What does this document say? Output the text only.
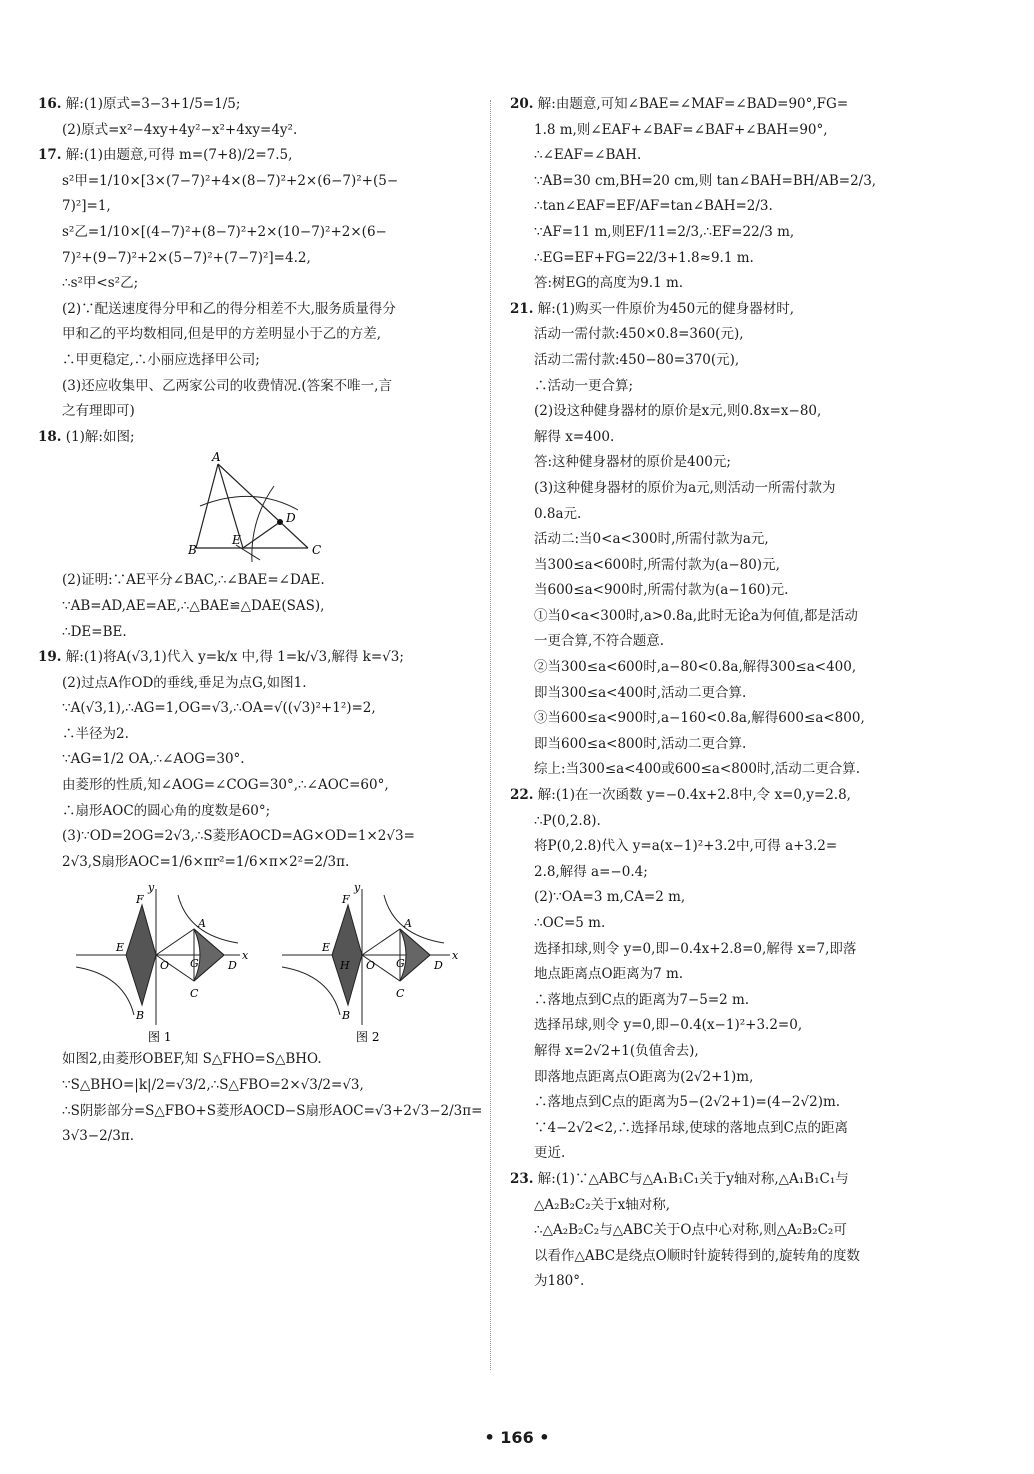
16. 解:(1)原式=3−3+1/5=1/5;
(2)原式=x²−4xy+4y²−x²+4xy=4y².
17. 解:(1)由题意,可得 m=(7+8)/2=7.5,
s²甲=1/10×[3×(7−7)²+4×(8−7)²+2×(6−7)²+(5−
7)²]=1,
s²乙=1/10×[(4−7)²+(8−7)²+2×(10−7)²+2×(6−
7)²+(9−7)²+2×(5−7)²+(7−7)²]=4.2,
∴s²甲<s²乙;
(2)∵配送速度得分甲和乙的得分相差不大,服务质量得分
甲和乙的平均数相同,但是甲的方差明显小于乙的方差,
∴甲更稳定,∴小丽应选择甲公司;
(3)还应收集甲、乙两家公司的收费情况.(答案不唯一,言
之有理即可)
18. (1)解:如图;
A
B	C
D
E
(2)证明:∵AE平分∠BAC,∴∠BAE=∠DAE.
∵AB=AD,AE=AE,∴△BAE≌△DAE(SAS),
∴DE=BE.
19. 解:(1)将A(√3,1)代入 y=k/x 中,得 1=k/√3,解得 k=√3;
(2)过点A作OD的垂线,垂足为点G,如图1.
∵A(√3,1),∴AG=1,OG=√3,∴OA=√((√3)²+1²)=2,
∴半径为2.
∵AG=1/2 OA,∴∠AOG=30°.
由菱形的性质,知∠AOG=∠COG=30°,∴∠AOC=60°,
∴扇形AOC的圆心角的度数是60°;
(3)∵OD=2OG=2√3,∴S菱形AOCD=AG×OD=1×2√3=
2√3,S扇形AOC=1/6×πr²=1/6×π×2²=2/3π.
x
y
F
E
O
B
A
G	D
C
图 1
x
y
F
E
H O
B
A
G	D
C
图 2
如图2,由菱形OBEF,知 S△FHO=S△BHO.
∵S△BHO=|k|/2=√3/2,∴S△FBO=2×√3/2=√3,
∴S阴影部分=S△FBO+S菱形AOCD−S扇形AOC=√3+2√3−2/3π=
3√3−2/3π.
20. 解:由题意,可知∠BAE=∠MAF=∠BAD=90°,FG=
1.8 m,则∠EAF+∠BAF=∠BAF+∠BAH=90°,
∴∠EAF=∠BAH.
∵AB=30 cm,BH=20 cm,则 tan∠BAH=BH/AB=2/3,
∴tan∠EAF=EF/AF=tan∠BAH=2/3.
∵AF=11 m,则EF/11=2/3,∴EF=22/3 m,
∴EG=EF+FG=22/3+1.8≈9.1 m.
答:树EG的高度为9.1 m.
21. 解:(1)购买一件原价为450元的健身器材时,
活动一需付款:450×0.8=360(元),
活动二需付款:450−80=370(元),
∴活动一更合算;
(2)设这种健身器材的原价是x元,则0.8x=x−80,
解得 x=400.
答:这种健身器材的原价是400元;
(3)这种健身器材的原价为a元,则活动一所需付款为
0.8a元.
活动二:当0<a<300时,所需付款为a元,
当300≤a<600时,所需付款为(a−80)元,
当600≤a<900时,所需付款为(a−160)元.
①当0<a<300时,a>0.8a,此时无论a为何值,都是活动
一更合算,不符合题意.
②当300≤a<600时,a−80<0.8a,解得300≤a<400,
即当300≤a<400时,活动二更合算.
③当600≤a<900时,a−160<0.8a,解得600≤a<800,
即当600≤a<800时,活动二更合算.
综上:当300≤a<400或600≤a<800时,活动二更合算.
22. 解:(1)在一次函数 y=−0.4x+2.8中,令 x=0,y=2.8,
∴P(0,2.8).
将P(0,2.8)代入 y=a(x−1)²+3.2中,可得 a+3.2=
2.8,解得 a=−0.4;
(2)∵OA=3 m,CA=2 m,
∴OC=5 m.
选择扣球,则令 y=0,即−0.4x+2.8=0,解得 x=7,即落
地点距离点O距离为7 m.
∴落地点到C点的距离为7−5=2 m.
选择吊球,则令 y=0,即−0.4(x−1)²+3.2=0,
解得 x=2√2+1(负值舍去),
即落地点距离点O距离为(2√2+1)m,
∴落地点到C点的距离为5−(2√2+1)=(4−2√2)m.
∵4−2√2<2,∴选择吊球,使球的落地点到C点的距离
更近.
23. 解:(1)∵△ABC与△A₁B₁C₁关于y轴对称,△A₁B₁C₁与
△A₂B₂C₂关于x轴对称,
∴△A₂B₂C₂与△ABC关于O点中心对称,则△A₂B₂C₂可
以看作△ABC是绕点O顺时针旋转得到的,旋转角的度数
为180°.
• 166 •
